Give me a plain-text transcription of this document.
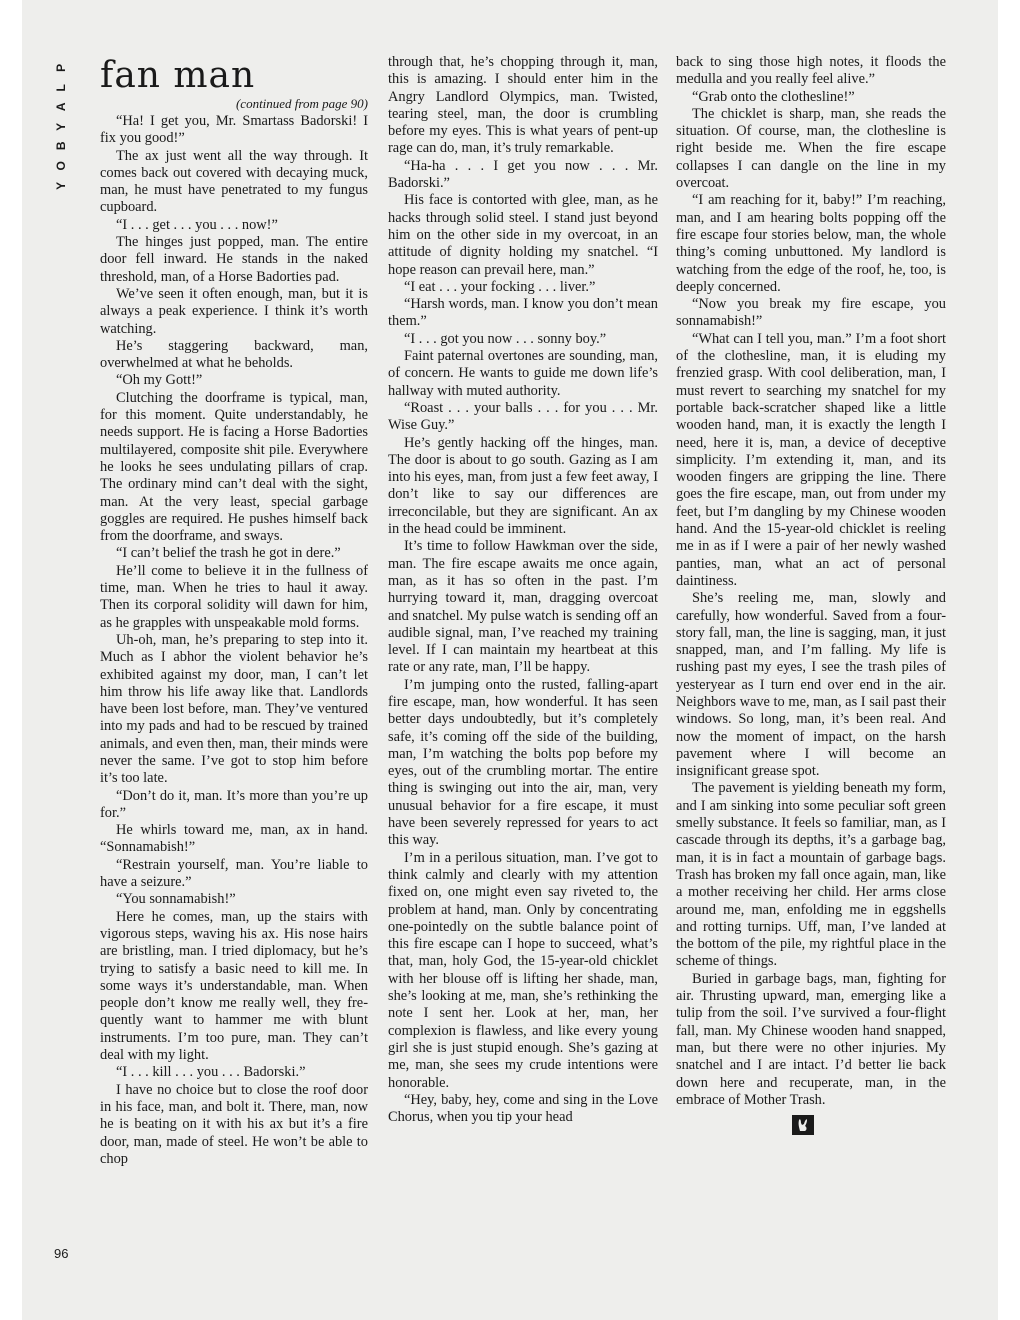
P
L
A
Y
B
O
Y
96
fan man
(continued from page 90)

“Ha! I get you, Mr. Smartass Badorski! I fix you good!”

The ax just went all the way through. It comes back out covered with decaying muck, man, he must have penetrated to my fungus cupboard.

“I . . . get . . . you . . . now!”

The hinges just popped, man. The entire door fell inward. He stands in the naked threshold, man, of a Horse Badorties pad.

We’ve seen it often enough, man, but it is always a peak experience. I think it’s worth watching.

He’s staggering backward, man, overwhelmed at what he beholds.

“Oh my Gott!”

Clutching the doorframe is typical, man, for this moment. Quite understandably, he needs support. He is facing a Horse Badorties multilayered, composite shit pile. Everywhere he looks he sees undulating pillars of crap. The ordinary mind can’t deal with the sight, man. At the very least, special garbage goggles are required. He pushes himself back from the doorframe, and sways.

“I can’t belief the trash he got in dere.”

He’ll come to believe it in the fullness of time, man. When he tries to haul it away. Then its corporal solidity will dawn for him, as he grapples with unspeakable mold forms.

Uh-oh, man, he’s preparing to step into it. Much as I abhor the violent behavior he’s exhibited against my door, man, I can’t let him throw his life away like that. Landlords have been lost before, man. They’ve ventured into my pads and had to be rescued by trained animals, and even then, man, their minds were never the same. I’ve got to stop him before it’s too late.

“Don’t do it, man. It’s more than you’re up for.”

He whirls toward me, man, ax in hand. “Sonnamabish!”

“Restrain yourself, man. You’re liable to have a seizure.”

“You sonnamabish!”

Here he comes, man, up the stairs with vigorous steps, waving his ax. His nose hairs are bristling, man. I tried diplomacy, but he’s trying to satisfy a basic need to kill me. In some ways it’s understandable, man. When people don’t know me really well, they frequently want to hammer me with blunt instruments. I’m too pure, man. They can’t deal with my light.

“I . . . kill . . . you . . . Badorski.”

I have no choice but to close the roof door in his face, man, and bolt it. There, man, now he is beating on it with his ax but it’s a fire door, man, made of steel. He won’t be able to chop

through that, he’s chopping through it, man, this is amazing. I should enter him in the Angry Landlord Olympics, man. Twisted, tearing steel, man, the door is crumbling before my eyes. This is what years of pent-up rage can do, man, it’s truly remarkable.

“Ha-ha . . . I get you now . . . Mr. Badorski.”

His face is contorted with glee, man, as he hacks through solid steel. I stand just beyond him on the other side in my overcoat, in an attitude of dignity holding my snatchel. “I hope reason can prevail here, man.”

“I eat . . . your focking . . . liver.”

“Harsh words, man. I know you don’t mean them.”

“I . . . got you now . . . sonny boy.”

Faint paternal overtones are sounding, man, of concern. He wants to guide me down life’s hallway with muted authority.

“Roast . . . your balls . . . for you . . . Mr. Wise Guy.”

He’s gently hacking off the hinges, man. The door is about to go south. Gazing as I am into his eyes, man, from just a few feet away, I don’t like to say our differences are irreconcilable, but they are significant. An ax in the head could be imminent.

It’s time to follow Hawkman over the side, man. The fire escape awaits me once again, man, as it has so often in the past. I’m hurrying toward it, man, dragging overcoat and snatchel. My pulse watch is sending off an audible signal, man, I’ve reached my training level. If I can maintain my heartbeat at this rate or any rate, man, I’ll be happy.

I’m jumping onto the rusted, falling-apart fire escape, man, how wonderful. It has seen better days undoubtedly, but it’s completely safe, it’s coming off the side of the building, man, I’m watching the bolts pop before my eyes, out of the crumbling mortar. The entire thing is swinging out into the air, man, very unusual behavior for a fire escape, it must have been severely repressed for years to act this way.

I’m in a perilous situation, man. I’ve got to think calmly and clearly with my attention fixed on, one might even say riveted to, the problem at hand, man. Only by concentrating one-pointedly on the subtle balance point of this fire escape can I hope to succeed, what’s that, man, holy God, the 15-year-old chicklet with her blouse off is lifting her shade, man, she’s looking at me, man, she’s rethinking the note I sent her. Look at her, man, her complexion is flawless, and like every young girl she is just stupid enough. She’s gazing at me, man, she sees my crude intentions were honorable.

“Hey, baby, hey, come and sing in the Love Chorus, when you tip your head

back to sing those high notes, it floods the medulla and you really feel alive.”

“Grab onto the clothesline!”

The chicklet is sharp, man, she reads the situation. Of course, man, the clothesline is right beside me. When the fire escape collapses I can dangle on the line in my overcoat.

“I am reaching for it, baby!” I’m reaching, man, and I am hearing bolts popping off the fire escape four stories below, man, the whole thing’s coming unbuttoned. My landlord is watching from the edge of the roof, he, too, is deeply concerned.

“Now you break my fire escape, you sonnamabish!”

“What can I tell you, man.” I’m a foot short of the clothesline, man, it is eluding my frenzied grasp. With cool deliberation, man, I must revert to searching my snatchel for my portable back-scratcher shaped like a little wooden hand, man, it is exactly the length I need, here it is, man, a device of deceptive simplicity. I’m extending it, man, and its wooden fingers are gripping the line. There goes the fire escape, man, out from under my feet, but I’m dangling by my Chinese wooden hand. And the 15-year-old chicklet is reeling me in as if I were a pair of her newly washed panties, man, what an act of personal daintiness.

She’s reeling me, man, slowly and carefully, how wonderful. Saved from a four-story fall, man, the line is sagging, man, it just snapped, man, and I’m falling. My life is rushing past my eyes, I see the trash piles of yesteryear as I turn end over end in the air. Neighbors wave to me, man, as I sail past their windows. So long, man, it’s been real. And now the moment of impact, on the harsh pavement where I will become an insignificant grease spot.

The pavement is yielding beneath my form, and I am sinking into some peculiar soft green smelly substance. It feels so familiar, man, as I cascade through its depths, it’s a garbage bag, man, it is in fact a mountain of garbage bags. Trash has broken my fall once again, man, like a mother receiving her child. Her arms close around me, man, enfolding me in eggshells and rotting turnips. Uff, man, I’ve landed at the bottom of the pile, my rightful place in the scheme of things.

Buried in garbage bags, man, fighting for air. Thrusting upward, man, emerging like a tulip from the soil. I’ve survived a four-flight fall, man. My Chinese wooden hand snapped, man, but there were no other injuries. My snatchel and I are intact. I’d better lie back down here and recuperate, man, in the embrace of Mother Trash.
